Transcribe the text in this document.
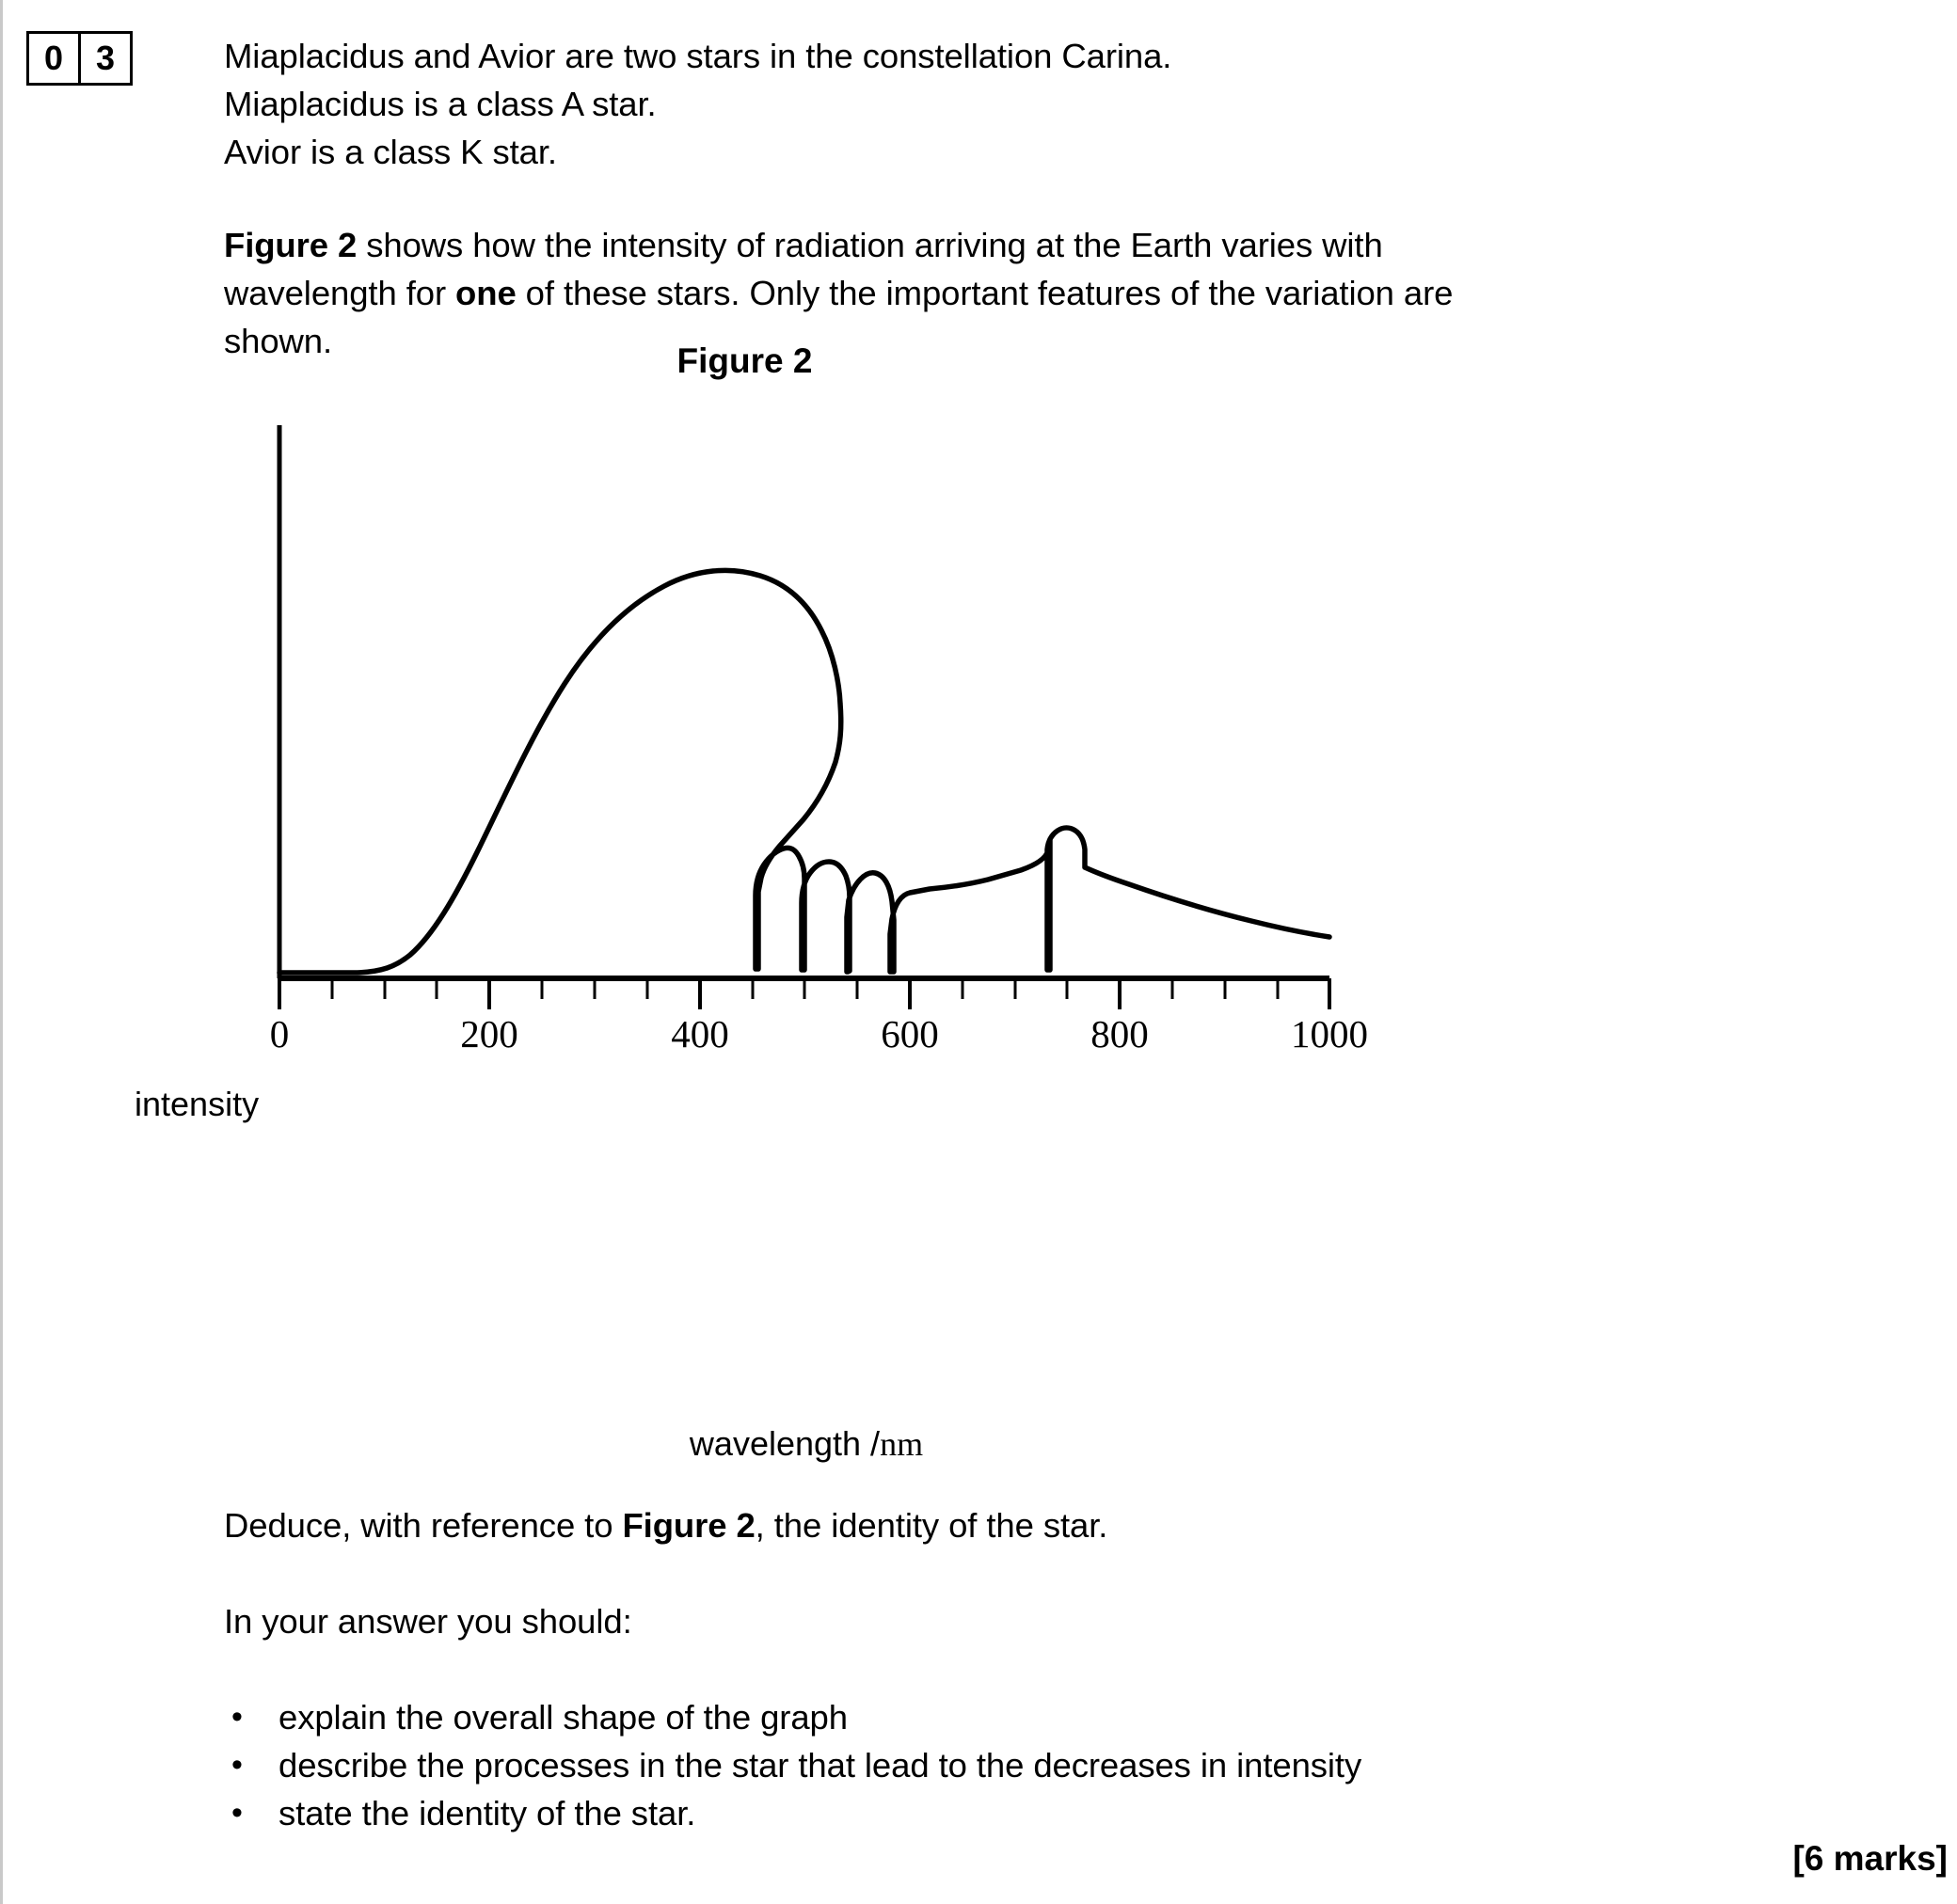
0 3	Miaplacidus and Avior are two stars in the constellation Carina.

Miaplacidus is a class A star.

Avior is a class K star.

Figure 2 shows how the intensity of radiation arriving at the Earth varies with wavelength for one of these stars. Only the important features of the variation are shown.

Figure 2
intensity
wavelength /nm
0	200	400	600	800	1000

Deduce, with reference to Figure 2, the identity of the star.

In your answer you should:

• explain the overall shape of the graph
• describe the processes in the star that lead to the decreases in intensity
• state the identity of the star.
[6 marks]
